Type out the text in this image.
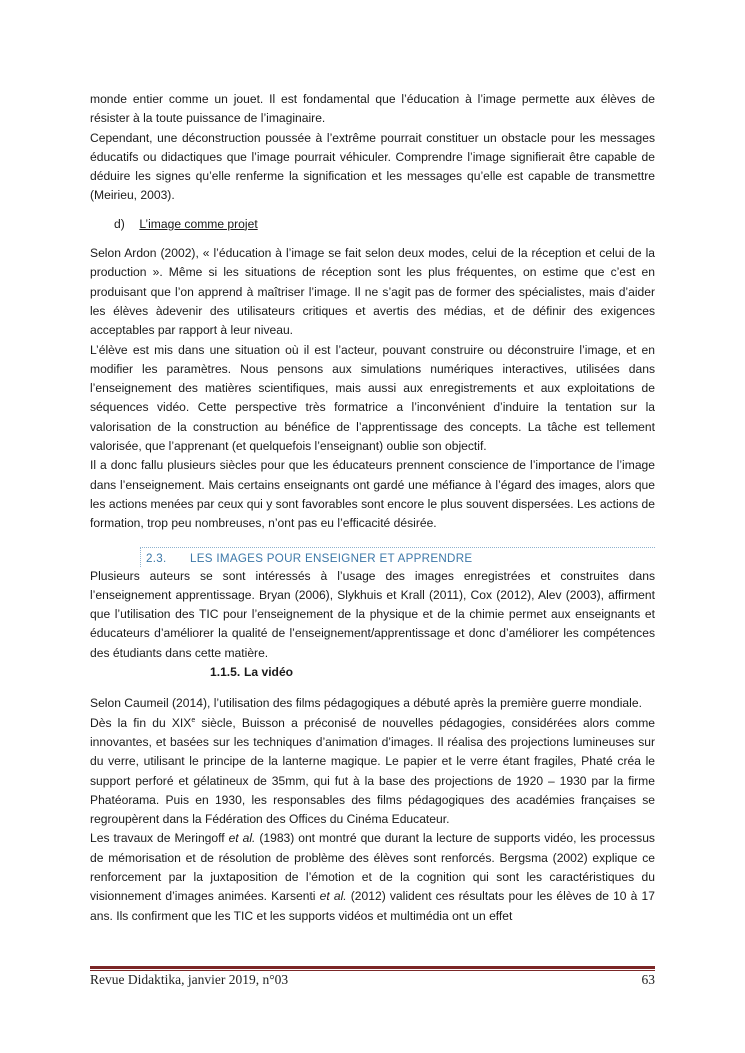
monde entier comme un jouet. Il est fondamental que l’éducation à l’image permette aux élèves de résister à la toute puissance de l’imaginaire.

Cependant, une déconstruction poussée à l’extrême pourrait constituer un obstacle pour les messages éducatifs ou didactiques que l’image pourrait véhiculer. Comprendre l’image signifierait être capable de déduire les signes qu’elle renferme la signification et les messages qu’elle est capable de transmettre (Meirieu, 2003).

d) L’image comme projet

Selon Ardon (2002), « l’éducation à l’image se fait selon deux modes, celui de la réception et celui de la production ». Même si les situations de réception sont les plus fréquentes, on estime que c’est en produisant que l’on apprend à maîtriser l’image. Il ne s’agit pas de former des spécialistes, mais d’aider les élèves àdevenir des utilisateurs critiques et avertis des médias, et de définir des exigences acceptables par rapport à leur niveau.

L’élève est mis dans une situation où il est l’acteur, pouvant construire ou déconstruire l’image, et en modifier les paramètres. Nous pensons aux simulations numériques interactives, utilisées dans l’enseignement des matières scientifiques, mais aussi aux enregistrements et aux exploitations de séquences vidéo. Cette perspective très formatrice a l’inconvénient d’induire la tentation sur la valorisation de la construction au bénéfice de l’apprentissage des concepts. La tâche est tellement valorisée, que l’apprenant (et quelquefois l’enseignant) oublie son objectif.

Il a donc fallu plusieurs siècles pour que les éducateurs prennent conscience de l’importance de l’image dans l’enseignement. Mais certains enseignants ont gardé une méfiance à l’égard des images, alors que les actions menées par ceux qui y sont favorables sont encore le plus souvent dispersées. Les actions de formation, trop peu nombreuses, n’ont pas eu l’efficacité désirée.

2.3. LES IMAGES POUR ENSEIGNER ET APPRENDRE

Plusieurs auteurs se sont intéressés à l’usage des images enregistrées et construites dans l’enseignement apprentissage. Bryan (2006), Slykhuis et Krall (2011), Cox (2012), Alev (2003), affirment que l’utilisation des TIC pour l’enseignement de la physique et de la chimie permet aux enseignants et éducateurs d’améliorer la qualité de l’enseignement/apprentissage et donc d’améliorer les compétences des étudiants dans cette matière.

1.1.5. La vidéo

Selon Caumeil (2014), l’utilisation des films pédagogiques a débuté après la première guerre mondiale.

Dès la fin du XIXe siècle, Buisson a préconisé de nouvelles pédagogies, considérées alors comme innovantes, et basées sur les techniques d’animation d’images. Il réalisa des projections lumineuses sur du verre, utilisant le principe de la lanterne magique. Le papier et le verre étant fragiles, Phaté créa le support perforé et gélatineux de 35mm, qui fut à la base des projections de 1920 – 1930 par la firme Phatéorama. Puis en 1930, les responsables des films pédagogiques des académies françaises se regroupèrent dans la Fédération des Offices du Cinéma Educateur.

Les travaux de Meringoff et al. (1983) ont montré que durant la lecture de supports vidéo, les processus de mémorisation et de résolution de problème des élèves sont renforcés. Bergsma (2002) explique ce renforcement par la juxtaposition de l’émotion et de la cognition qui sont les caractéristiques du visionnement d’images animées. Karsenti et al. (2012) valident ces résultats pour les élèves de 10 à 17 ans. Ils confirment que les TIC et les supports vidéos et multimédia ont un effet

Revue Didaktika, janvier 2019, n°03	63
